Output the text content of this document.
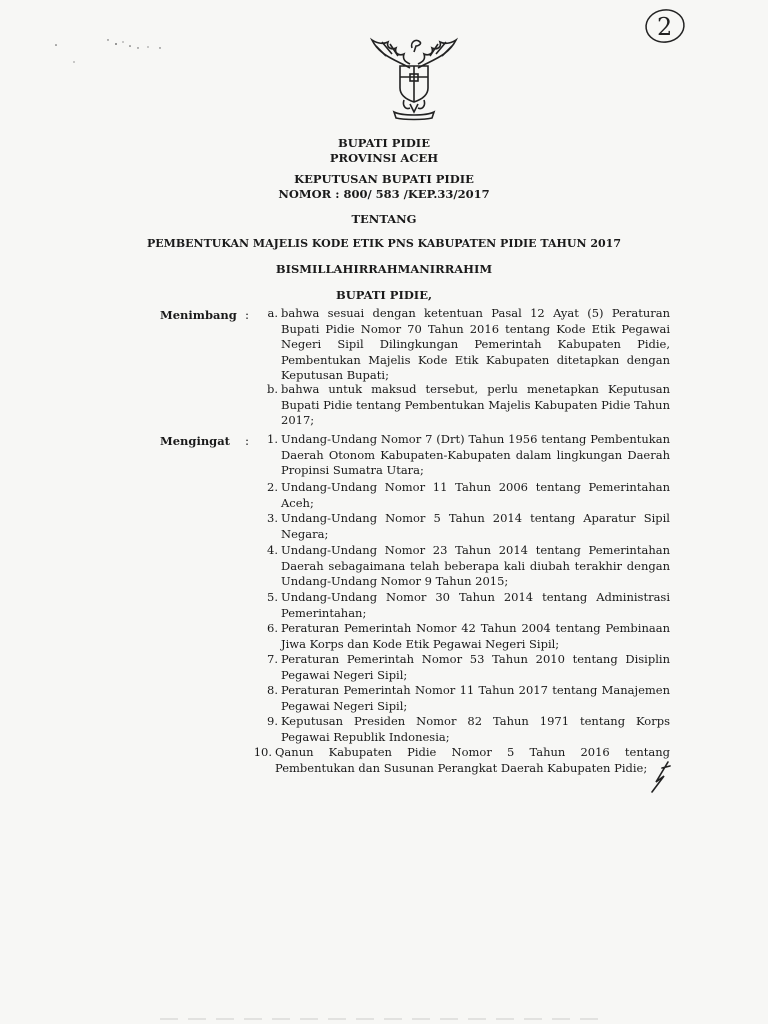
2
BUPATI PIDIE
PROVINSI ACEH
KEPUTUSAN BUPATI PIDIE
NOMOR : 800/ 583 /KEP.33/2017
TENTANG
PEMBENTUKAN MAJELIS KODE ETIK PNS KABUPATEN PIDIE TAHUN 2017
BISMILLAHIRRAHMANIRRAHIM
BUPATI PIDIE,
Menimbang :	a. bahwa sesuai dengan ketentuan Pasal 12 Ayat (5) Peraturan Bupati Pidie Nomor 70 Tahun 2016 tentang Kode Etik Pegawai Negeri Sipil Dilingkungan Pemerintah Kabupaten Pidie, Pembentukan Majelis Kode Etik Kabupaten ditetapkan dengan Keputusan Bupati;
b. bahwa untuk maksud tersebut, perlu menetapkan Keputusan Bupati Pidie tentang Pembentukan Majelis Kabupaten Pidie Tahun 2017;
Mengingat :	1. Undang-Undang Nomor 7 (Drt) Tahun 1956 tentang Pembentukan Daerah Otonom Kabupaten-Kabupaten dalam lingkungan Daerah Propinsi Sumatra Utara;
2. Undang-Undang Nomor 11 Tahun 2006 tentang Pemerintahan Aceh;
3. Undang-Undang Nomor 5 Tahun 2014 tentang Aparatur Sipil Negara;
4. Undang-Undang Nomor 23 Tahun 2014 tentang Pemerintahan Daerah sebagaimana telah beberapa kali diubah terakhir dengan Undang-Undang Nomor 9 Tahun 2015;
5. Undang-Undang Nomor 30 Tahun 2014 tentang Administrasi Pemerintahan;
6. Peraturan Pemerintah Nomor 42 Tahun 2004 tentang Pembinaan Jiwa Korps dan Kode Etik Pegawai Negeri Sipil;
7. Peraturan Pemerintah Nomor 53 Tahun 2010 tentang Disiplin Pegawai Negeri Sipil;
8. Peraturan Pemerintah Nomor 11 Tahun 2017 tentang Manajemen Pegawai Negeri Sipil;
9. Keputusan Presiden Nomor 82 Tahun 1971 tentang Korps Pegawai Republik Indonesia;
10. Qanun Kabupaten Pidie Nomor 5 Tahun 2016 tentang Pembentukan dan Susunan Perangkat Daerah Kabupaten Pidie;
